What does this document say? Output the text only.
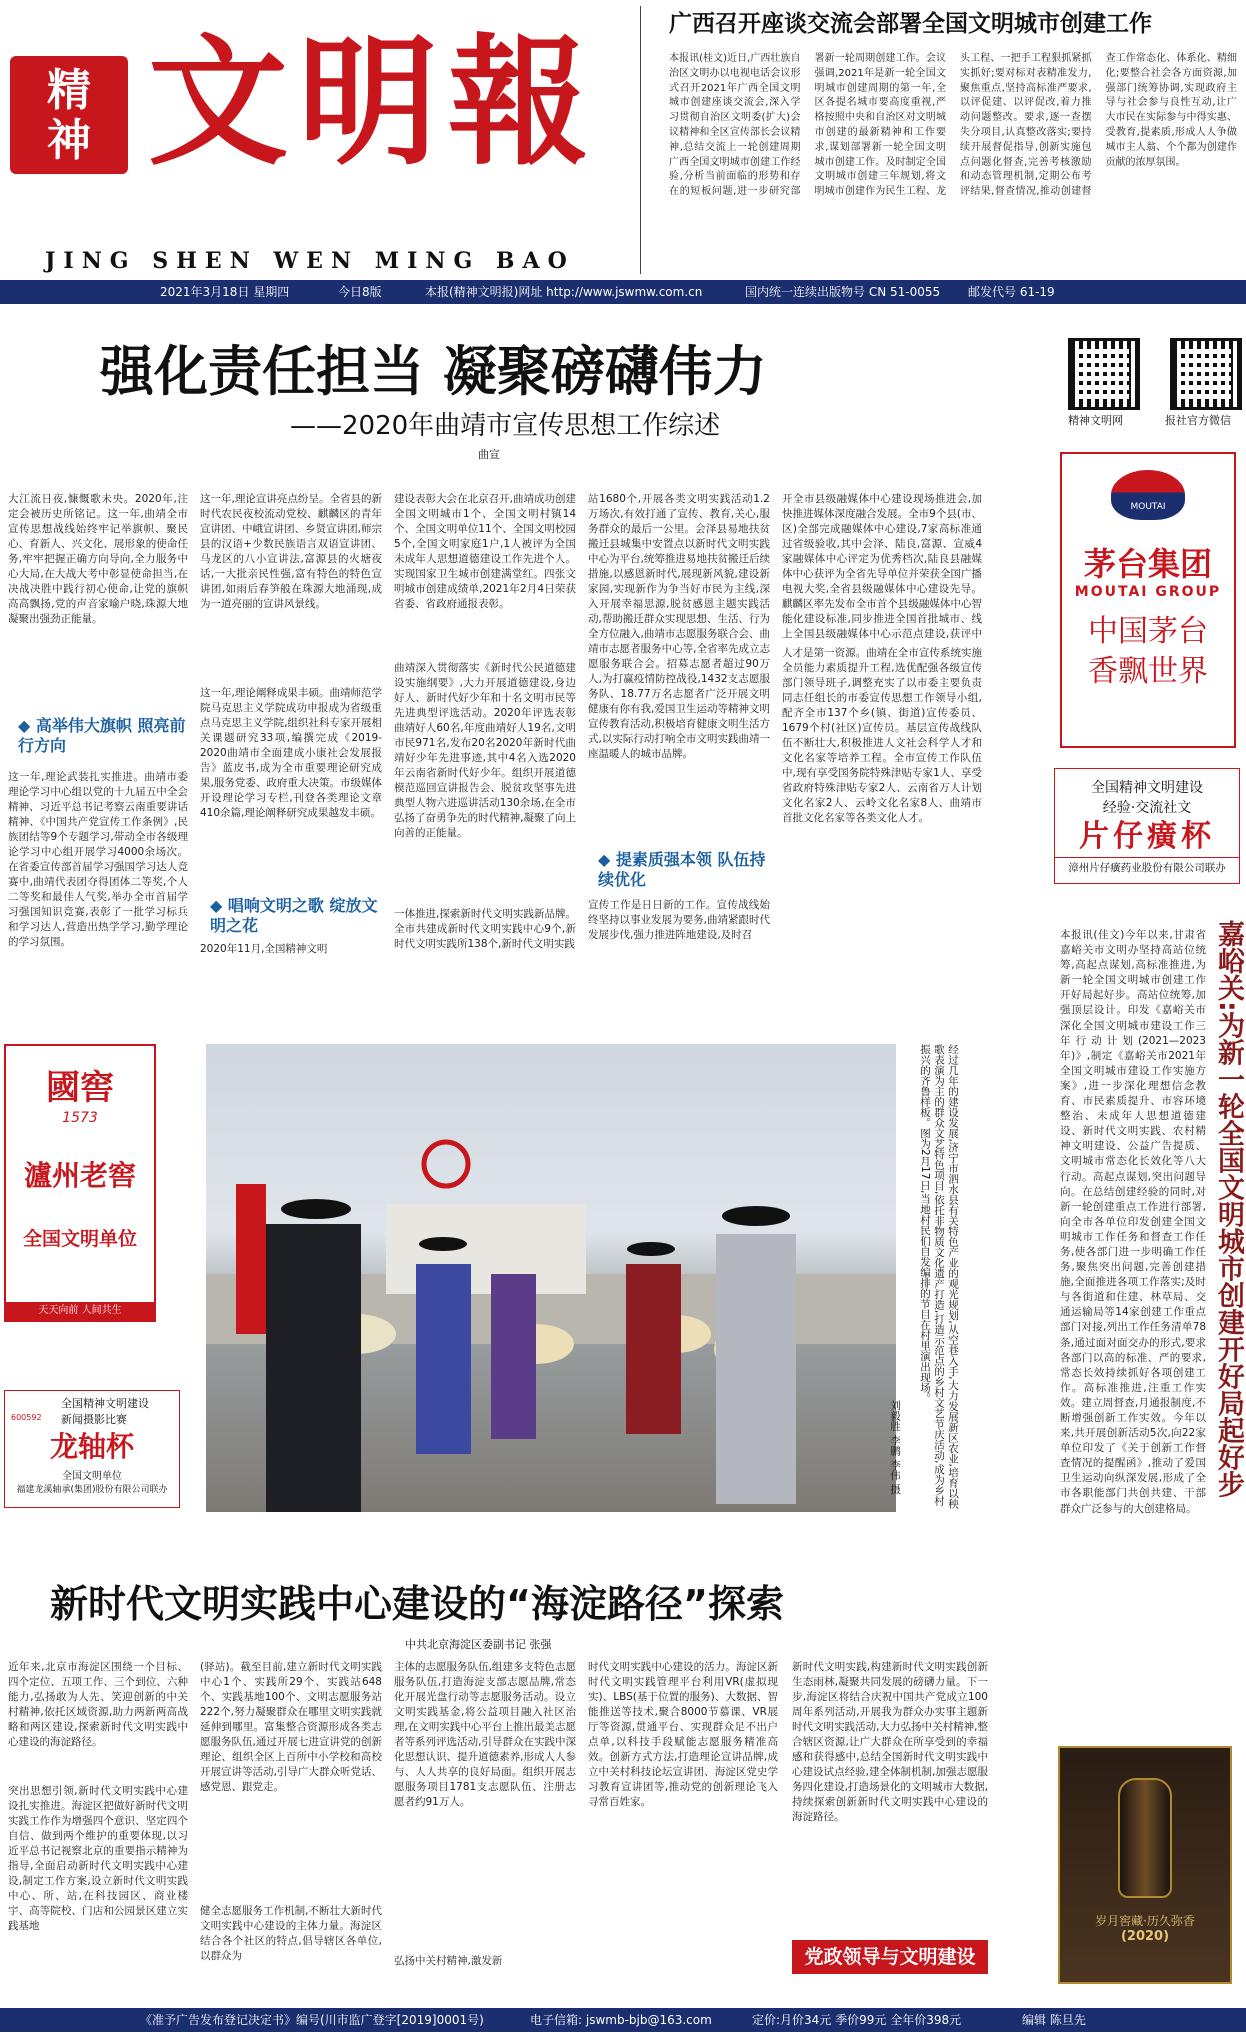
精
神 文 明 報
JING SHEN WEN MING BAO
广西召开座谈交流会部署全国文明城市创建工作
本报讯(桂文)近日,广西壮族自治区文明办以电视电话会议形式召开2021年广西全国文明城市创建座谈交流会,深入学习贯彻自治区文明委(扩大)会议精神和全区宣传部长会议精神,总结交流上一轮创建周期广西全国文明城市创建工作经验,分析当前面临的形势和存在的短板问题,进一步研究部署新一轮周期创建工作。会议强调,2021年是新一轮全国文明城市创建周期的第一年,全区各提名城市要高度重视,严格按照中央和自治区对文明城市创建的最新精神和工作要求,谋划部署新一轮全国文明城市创建工作。及时制定全国文明城市创建三年规划,将文明城市创建作为民生工程、龙头工程、一把手工程狠抓紧抓实抓好;要对标对表精准发力,聚焦重点,坚持高标准严要求,以评促建、以评促改,着力推动问题整改。要求,逐一查摆失分项目,认真整改落实;要持续开展督促指导,创新实施包点问题化督查,完善考核激励和动态管理机制,定期公布考评结果,督查情况,推动创建督查工作常态化、体系化、精细化;要整合社会各方面资源,加强部门统筹协调,实现政府主导与社会参与良性互动,让广大市民在实际参与中得实惠、受教育,提素质,形成人人争做城市主人翁、个个都为创建作贡献的浓厚氛围。
2021年3月18日 星期四	今日8版	本报(精神文明报)网址 http://www.jswmw.com.cn	国内统一连续出版物号 CN 51-0055 邮发代号 61-19
强化责任担当 凝聚磅礴伟力
——2020年曲靖市宣传思想工作综述
曲宣
精神文明网	报社官方微信
大江流日夜,慷慨歌未央。2020年,注定会被历史所铭记。这一年,曲靖全市宣传思想战线始终牢记举旗帜、聚民心、育新人、兴文化、展形象的使命任务,牢牢把握正确方向导向,全力服务中心大局,在大战大考中彰显使命担当,在决战决胜中践行初心使命,让党的旗帜高高飘扬,党的声音家喻户晓,珠源大地凝聚出强劲正能量。
◆ 高举伟大旗帜 照亮前行方向
这一年,理论武装扎实推进。曲靖市委理论学习中心组以党的十九届五中全会精神、习近平总书记考察云南重要讲话精神、《中国共产党宣传工作条例》,民族团结等9个专题学习,带动全市各级理论学习中心组开展学习4000余场次。在省委宣传部首届学习强国学习达人竞赛中,曲靖代表团夺得团体二等奖,个人二等奖和最佳人气奖,举办全市首届学习强国知识竞赛,表彰了一批学习标兵和学习达人,营造出热学学习,勤学理论的学习氛围。
这一年,理论宣讲亮点纷呈。全省县的新时代农民夜校流动党校、麒麟区的青年宣讲团、中峨宣讲团、乡贤宣讲团,师宗县的汉语+少数民族语言双语宣讲团、马龙区的八小宣讲法,富源县的火塘夜话,一大批亲民性强,富有特色的特色宣讲团,如雨后春笋般在珠源大地涌现,成为一道亮丽的宣讲风景线。
这一年,理论阐释成果丰硕。曲靖师范学院马克思主义学院成功申报成为省级重点马克思主义学院,组织社科专家开展相关课题研究33项,编撰完成《2019-2020曲靖市全面建成小康社会发展报告》蓝皮书,成为全市重要理论研究成果,服务党委、政府重大决策。市级媒体开设理论学习专栏,刊登各类理论文章410余篇,理论阐释研究成果越发丰硕。
◆ 唱响文明之歌 绽放文明之花
2020年11月,全国精神文明
建设表彰大会在北京召开,曲靖成功创建全国文明城市1个、全国文明村镇14个、全国文明单位11个、全国文明校园5个,全国文明家庭1户,1人被评为全国未成年人思想道德建设工作先进个人。实现国家卫生城市创建满堂红。四张文明城市创建成绩单,2021年2月4日荣获省委、省政府通报表彰。
曲靖深入贯彻落实《新时代公民道德建设实施纲要》,大力开展道德建设,身边好人、新时代好少年和十名文明市民等先进典型评选活动。2020年评选表彰曲靖好人60名,年度曲靖好人19名,文明市民971名,发布20名2020年新时代曲靖好少年先进事迹,其中4名入选2020年云南省新时代好少年。组织开展道德模范巡回宣讲报告会、脱贫攻坚事先进典型人物六进巡讲活动130余场,在全市弘扬了奋勇争先的时代精神,凝聚了向上向善的正能量。
一体推进,探索新时代文明实践新品牌。全市共建成新时代文明实践中心9个,新时代文明实践所138个,新时代文明实践
站1680个,开展各类文明实践活动1.2万场次,有效打通了宣传、教育,关心,服务群众的最后一公里。会泽县易地扶贫搬迁县城集中安置点以新时代文明实践中心为平台,统筹推进易地扶贫搬迁后续措施,以感恩新时代,展现新风貌,建设新家园,实现新作为争当好市民为主线,深入开展幸福思源,脱贫感恩主题实践活动,帮助搬迁群众实现思想、生活、行为全方位融入,曲靖市志愿服务联合会、曲靖市志愿者服务中心等,全省率先成立志愿服务联合会。招募志愿者超过90万人,为打赢疫情防控战役,1432支志愿服务队、18.77万名志愿者广泛开展文明健康有你有我,爱国卫生运动等精神文明宣传教育活动,积极培育健康文明生活方式,以实际行动打响全市文明实践曲靖一座温暖人的城市品牌。
◆ 提素质强本领 队伍持续优化
宣传工作是日日新的工作。宣传战线始终坚持以事业发展为要务,曲靖紧跟时代发展步伐,强力推进阵地建设,及时召
开全市县级融媒体中心建设现场推进会,加快推进媒体深度融合发展。全市9个县(市、区)全部完成融媒体中心建设,7家高标准通过省级验收,其中会泽、陆良,富源、宣威4家融媒体中心评定为优秀档次,陆良县融媒体中心获评为全省先导单位并荣获全国广播电视大奖,全省县级融媒体中心建设先导。麒麟区率先发布全市首个县级融媒体中心智能化建设标准,同步推进全国首批城市、线上全国县级融媒体中心示范点建设,获评中
人才是第一资源。曲靖在全市宣传系统实施全员能力素质提升工程,选优配强各级宣传部门领导班子,调整充实了以市委主要负责同志任组长的市委宣传思想工作领导小组,配齐全市137个乡(镇、街道)宣传委员、1679个村(社区)宣传员。基层宣传战线队伍不断壮大,积极推进人文社会科学人才和文化名家等培养工程。全市宣传工作队伍中,现有享受国务院特殊津贴专家1人、享受省政府特殊津贴专家2人、云南省万人计划文化名家2人、云岭文化名家8人、曲靖市首批文化名家等各类文化人才。
MOUTAI
茅台集团
MOUTAI GROUP
中国茅台
香飘世界
全国精神文明建设
经验·交流社文
片仔癀杯
漳州片仔癀药业股份有限公司联办
本报讯(佳文)今年以来,甘肃省嘉峪关市文明办坚持高站位统筹,高起点谋划,高标准推进,为新一轮全国文明城市创建工作开好局起好步。高站位统筹,加强顶层设计。印发《嘉峪关市深化全国文明城市建设工作三年行动计划(2021—2023年)》,制定《嘉峪关市2021年全国文明城市建设工作实施方案》,进一步深化理想信念教育、市民素质提升、市容环境整治、未成年人思想道德建设、新时代文明实践、农村精神文明建设、公益广告提质、文明城市常态化长效化等八大行动。高起点谋划,突出问题导向。在总结创建经验的同时,对新一轮创建重点工作进行部署,向全市各单位印发创建全国文明城市工作任务和督查工作任务,使各部门进一步明确工作任务,聚焦突出问题,完善创建措施,全面推进各项工作落实;及时与各街道和住建、林草局、交通运输局等14家创建工作重点部门对接,列出工作任务清单78条,通过面对面交办的形式,要求各部门以高的标准、严的要求,常态长效持续抓好各项创建工作。高标准推进,注重工作实效。建立周督查,月通报制度,不断增强创新工作实效。今年以来,共开展创新活动5次,向22家单位印发了《关于创新工作督查情况的提醒函》,推动了爱国卫生运动向纵深发展,形成了全市各职能部门共创共建、干部群众广泛参与的大创建格局。
嘉峪关:为新一轮全国文明城市创建开好局起好步
國窖
1573
瀘州老窖
全国文明单位
天天向前 人间共生
600592
全国精神文明建设
新闻摄影比赛
龙轴杯
全国文明单位
福建龙溪轴承(集团)股份有限公司联办	经过几年的建设发展,济宁市泗水县有关特色产业的观光规划,从空巷入手,大力发展新区农业,培育以秧歌表演为主的群众文艺特色项目,依托非物质文化遗产打造,打造示范点的乡村文艺节庆活动,成为乡村振兴的齐鲁样板。图为2月17日,当地村民们自发编排的节目在村里演出现场。
刘毅胜 李鹏 李伟 摄
新时代文明实践中心建设的“海淀路径”探索
中共北京海淀区委副书记 张强
近年来,北京市海淀区围绕一个目标、四个定位、五项工作、三个到位、六种能力,弘扬敢为人先、笑迎创新的中关村精神,依托区域资源,助力两新两高战略和两区建设,探索新时代文明实践中心建设的海淀路径。
突出思想引领,新时代文明实践中心建设扎实推进。海淀区把做好新时代文明实践工作作为增强四个意识、坚定四个自信、做到两个维护的重要体现,以习近平总书记视察北京的重要指示精神为指导,全面启动新时代文明实践中心建设,制定工作方案,设立新时代文明实践中心、所、站,在科技园区、商业楼宇、高等院校、门店和公园景区建立实践基地
(驿站)。截至目前,建立新时代文明实践中心1个、实践所29个、实践站648个、实践基地100个、文明志愿服务站222个,努力凝聚群众在哪里文明实践就延伸到哪里。富集整合资源形成各类志愿服务队伍,通过开展七进宣讲党的创新理论、组织全区上百所中小学校和高校开展宣讲等活动,引导广大群众听党话、感党恩、跟党走。
健全志愿服务工作机制,不断壮大新时代文明实践中心建设的主体力量。海淀区结合各个社区的特点,倡导辖区各单位,以群众为
主体的志愿服务队伍,组建多支特色志愿服务队伍,打造海淀支部志愿品牌,常态化开展光盘行动等志愿服务活动。设立文明实践基金,将公益项目融入社区治理,在文明实践中心平台上推出最美志愿者等系列评选活动,引导群众在实践中深化思想认识、提升道德素养,形成人人参与、人人共享的良好局面。组织开展志愿服务项目1781支志愿队伍、注册志愿者约91万人。
弘扬中关村精神,激发新
时代文明实践中心建设的活力。海淀区新时代文明实践管理平台利用VR(虚拟现实)、LBS(基于位置的服务)、大数据、智能推送等技术,聚合8000节慕课、VR展厅等资源,贯通平台、实现群众足不出户点单,以科技手段赋能志愿服务精准高效。创新方式方法,打造理论宣讲品牌,成立中关村科技论坛宣讲团、海淀区党史学习教育宣讲团等,推动党的创新理论飞入寻常百姓家。
新时代文明实践,构建新时代文明实践创新生态雨林,凝聚共同发展的磅礴力量。下一步,海淀区将结合庆祝中国共产党成立100周年系列活动,开展我为群众办实事主题新时代文明实践活动,大力弘扬中关村精神,整合辖区资源,让广大群众在所享受到的幸福感和获得感中,总结全国新时代文明实践中心建设试点经验,建全体制机制,加强志愿服务四化建设,打造场景化的文明城市大数据,持续探索创新新时代文明实践中心建设的海淀路径。
党政领导与文明建设
岁月窖藏·历久弥香
(2020)
《准予广告发布登记决定书》编号(川市监广登字[2019]0001号)	电子信箱: jswmb-bjb@163.com	定价:月价34元 季价99元 全年价398元	编辑 陈旦先
